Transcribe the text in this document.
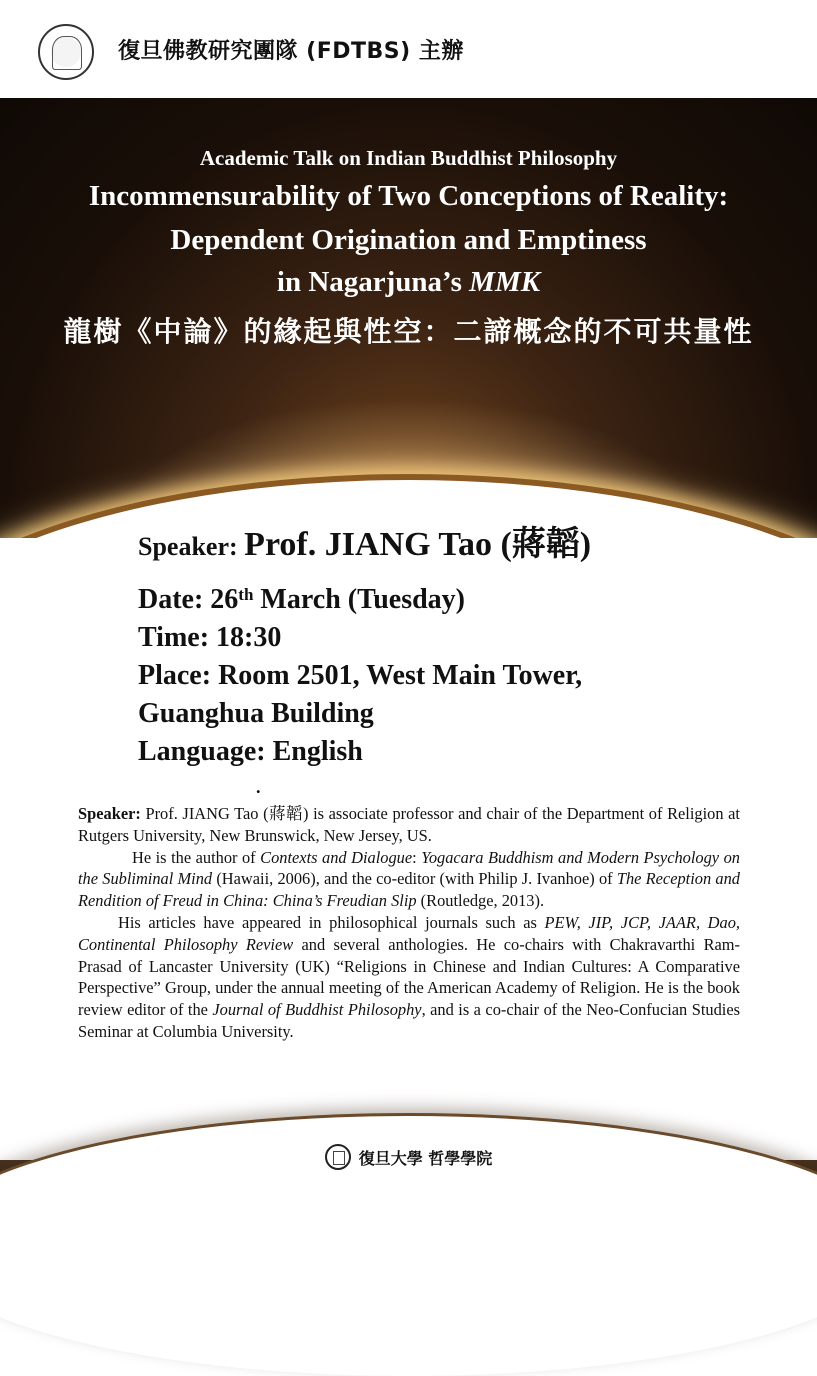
復旦佛教研究團隊 (FDTBS) 主辦
Academic Talk on Indian Buddhist Philosophy
Incommensurability of Two Conceptions of Reality:
Dependent Origination and Emptiness
in Nagarjuna’s MMK
龍樹《中論》的緣起與性空：二諦概念的不可共量性
Speaker: Prof. JIANG Tao (蔣韜)
Date: 26th March (Tuesday)
Time: 18:30
Place: Room 2501, West Main Tower,
Guanghua Building
Language: English
.

Speaker: Prof. JIANG Tao (蔣韜) is associate professor and chair of the Department of Religion at Rutgers University, New Brunswick, New Jersey, US.

He is the author of Contexts and Dialogue: Yogacara Buddhism and Modern Psychology on the Subliminal Mind (Hawaii, 2006), and the co-editor (with Philip J. Ivanhoe) of The Reception and Rendition of Freud in China: China’s Freudian Slip (Routledge, 2013).

His articles have appeared in philosophical journals such as PEW, JIP, JCP, JAAR, Dao, Continental Philosophy Review and several anthologies. He co-chairs with Chakravarthi Ram-Prasad of Lancaster University (UK) “Religions in Chinese and Indian Cultures: A Comparative Perspective” Group, under the annual meeting of the American Academy of Religion. He is the book review editor of the Journal of Buddhist Philosophy, and is a co-chair of the Neo-Confucian Studies Seminar at Columbia University.

復旦大學 哲學學院
